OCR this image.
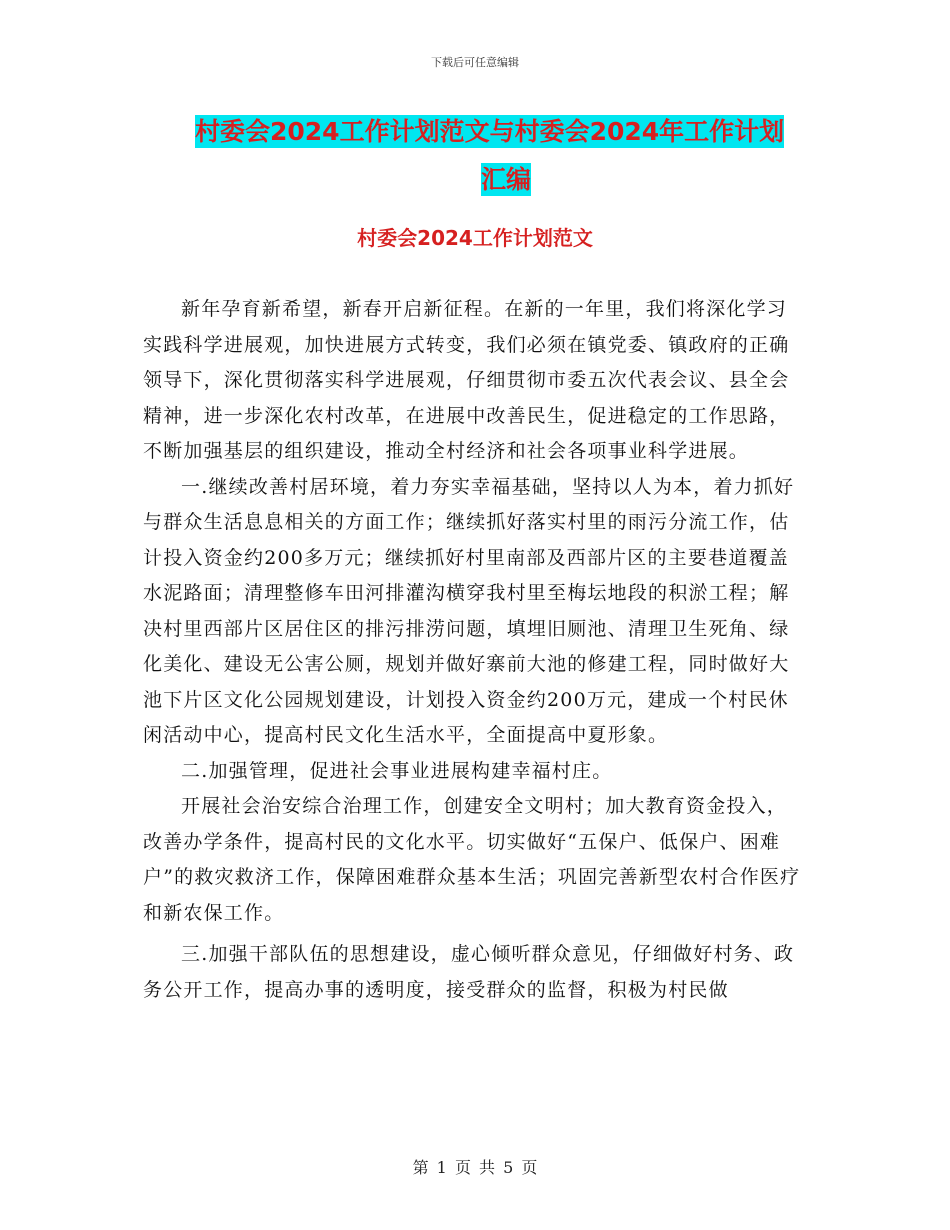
下载后可任意编辑
村委会2024工作计划范文与村委会2024年工作计划
汇编
村委会2024工作计划范文

新年孕育新希望，新春开启新征程。在新的一年里，我们将深化学习实践科学进展观，加快进展方式转变，我们必须在镇党委、镇政府的正确领导下，深化贯彻落实科学进展观，仔细贯彻市委五次代表会议、县全会精神，进一步深化农村改革，在进展中改善民生，促进稳定的工作思路，不断加强基层的组织建设，推动全村经济和社会各项事业科学进展。

一.继续改善村居环境，着力夯实幸福基础，坚持以人为本，着力抓好与群众生活息息相关的方面工作；继续抓好落实村里的雨污分流工作，估计投入资金约200多万元；继续抓好村里南部及西部片区的主要巷道覆盖水泥路面；清理整修车田河排灌沟横穿我村里至梅坛地段的积淤工程；解决村里西部片区居住区的排污排涝问题，填埋旧厕池、清理卫生死角、绿化美化、建设无公害公厕，规划并做好寨前大池的修建工程，同时做好大池下片区文化公园规划建设，计划投入资金约200万元，建成一个村民休闲活动中心，提高村民文化生活水平，全面提高中夏形象。

二.加强管理，促进社会事业进展构建幸福村庄。

开展社会治安综合治理工作，创建安全文明村；加大教育资金投入，改善办学条件，提高村民的文化水平。切实做好“五保户、低保户、困难户”的救灾救济工作，保障困难群众基本生活；巩固完善新型农村合作医疗和新农保工作。

三.加强干部队伍的思想建设，虚心倾听群众意见，仔细做好村务、政务公开工作，提高办事的透明度，接受群众的监督，积极为村民做

第 1 页 共 5 页
